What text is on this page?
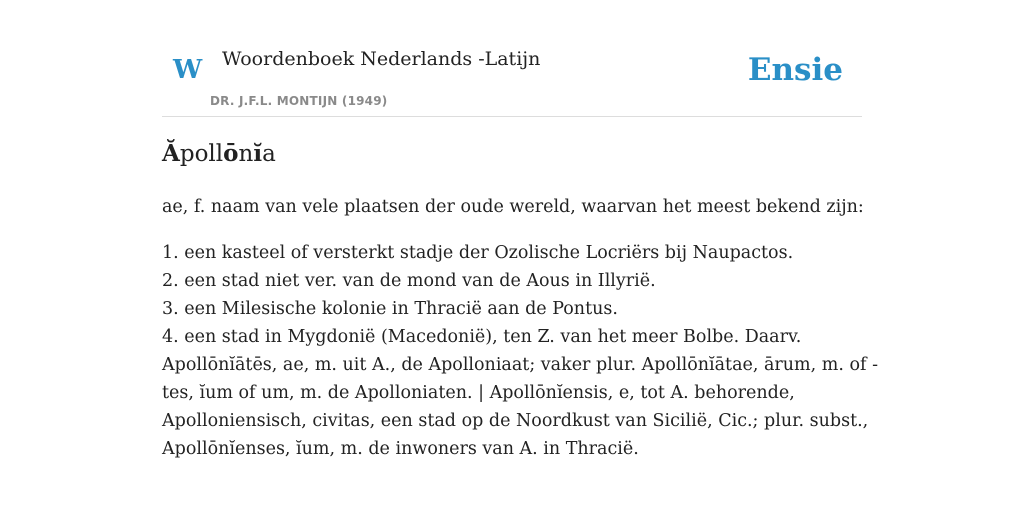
W Woordenboek Nederlands -Latijn
DR. J.F.L. MONTIJN (1949)
Ensie
Ăpollōnĭa
ae, f. naam van vele plaatsen der oude wereld, waarvan het meest bekend zijn:
1. een kasteel of versterkt stadje der Ozolische Locriërs bij Naupactos.
2. een stad niet ver. van de mond van de Aous in Illyrië.
3. een Milesische kolonie in Thracië aan de Pontus.
4. een stad in Mygdonië (Macedonië), ten Z. van het meer Bolbe. Daarv.
Apollōnĭātēs, ae, m. uit A., de Apolloniaat; vaker plur. Apollōnĭātae, ārum, m. of -
tes, ĭum of um, m. de Apolloniaten. | Apollōnĭensis, e, tot A. behorende,
Apolloniensisch, civitas, een stad op de Noordkust van Sicilië, Cic.; plur. subst.,
Apollōnĭenses, ĭum, m. de inwoners van A. in Thracië.
